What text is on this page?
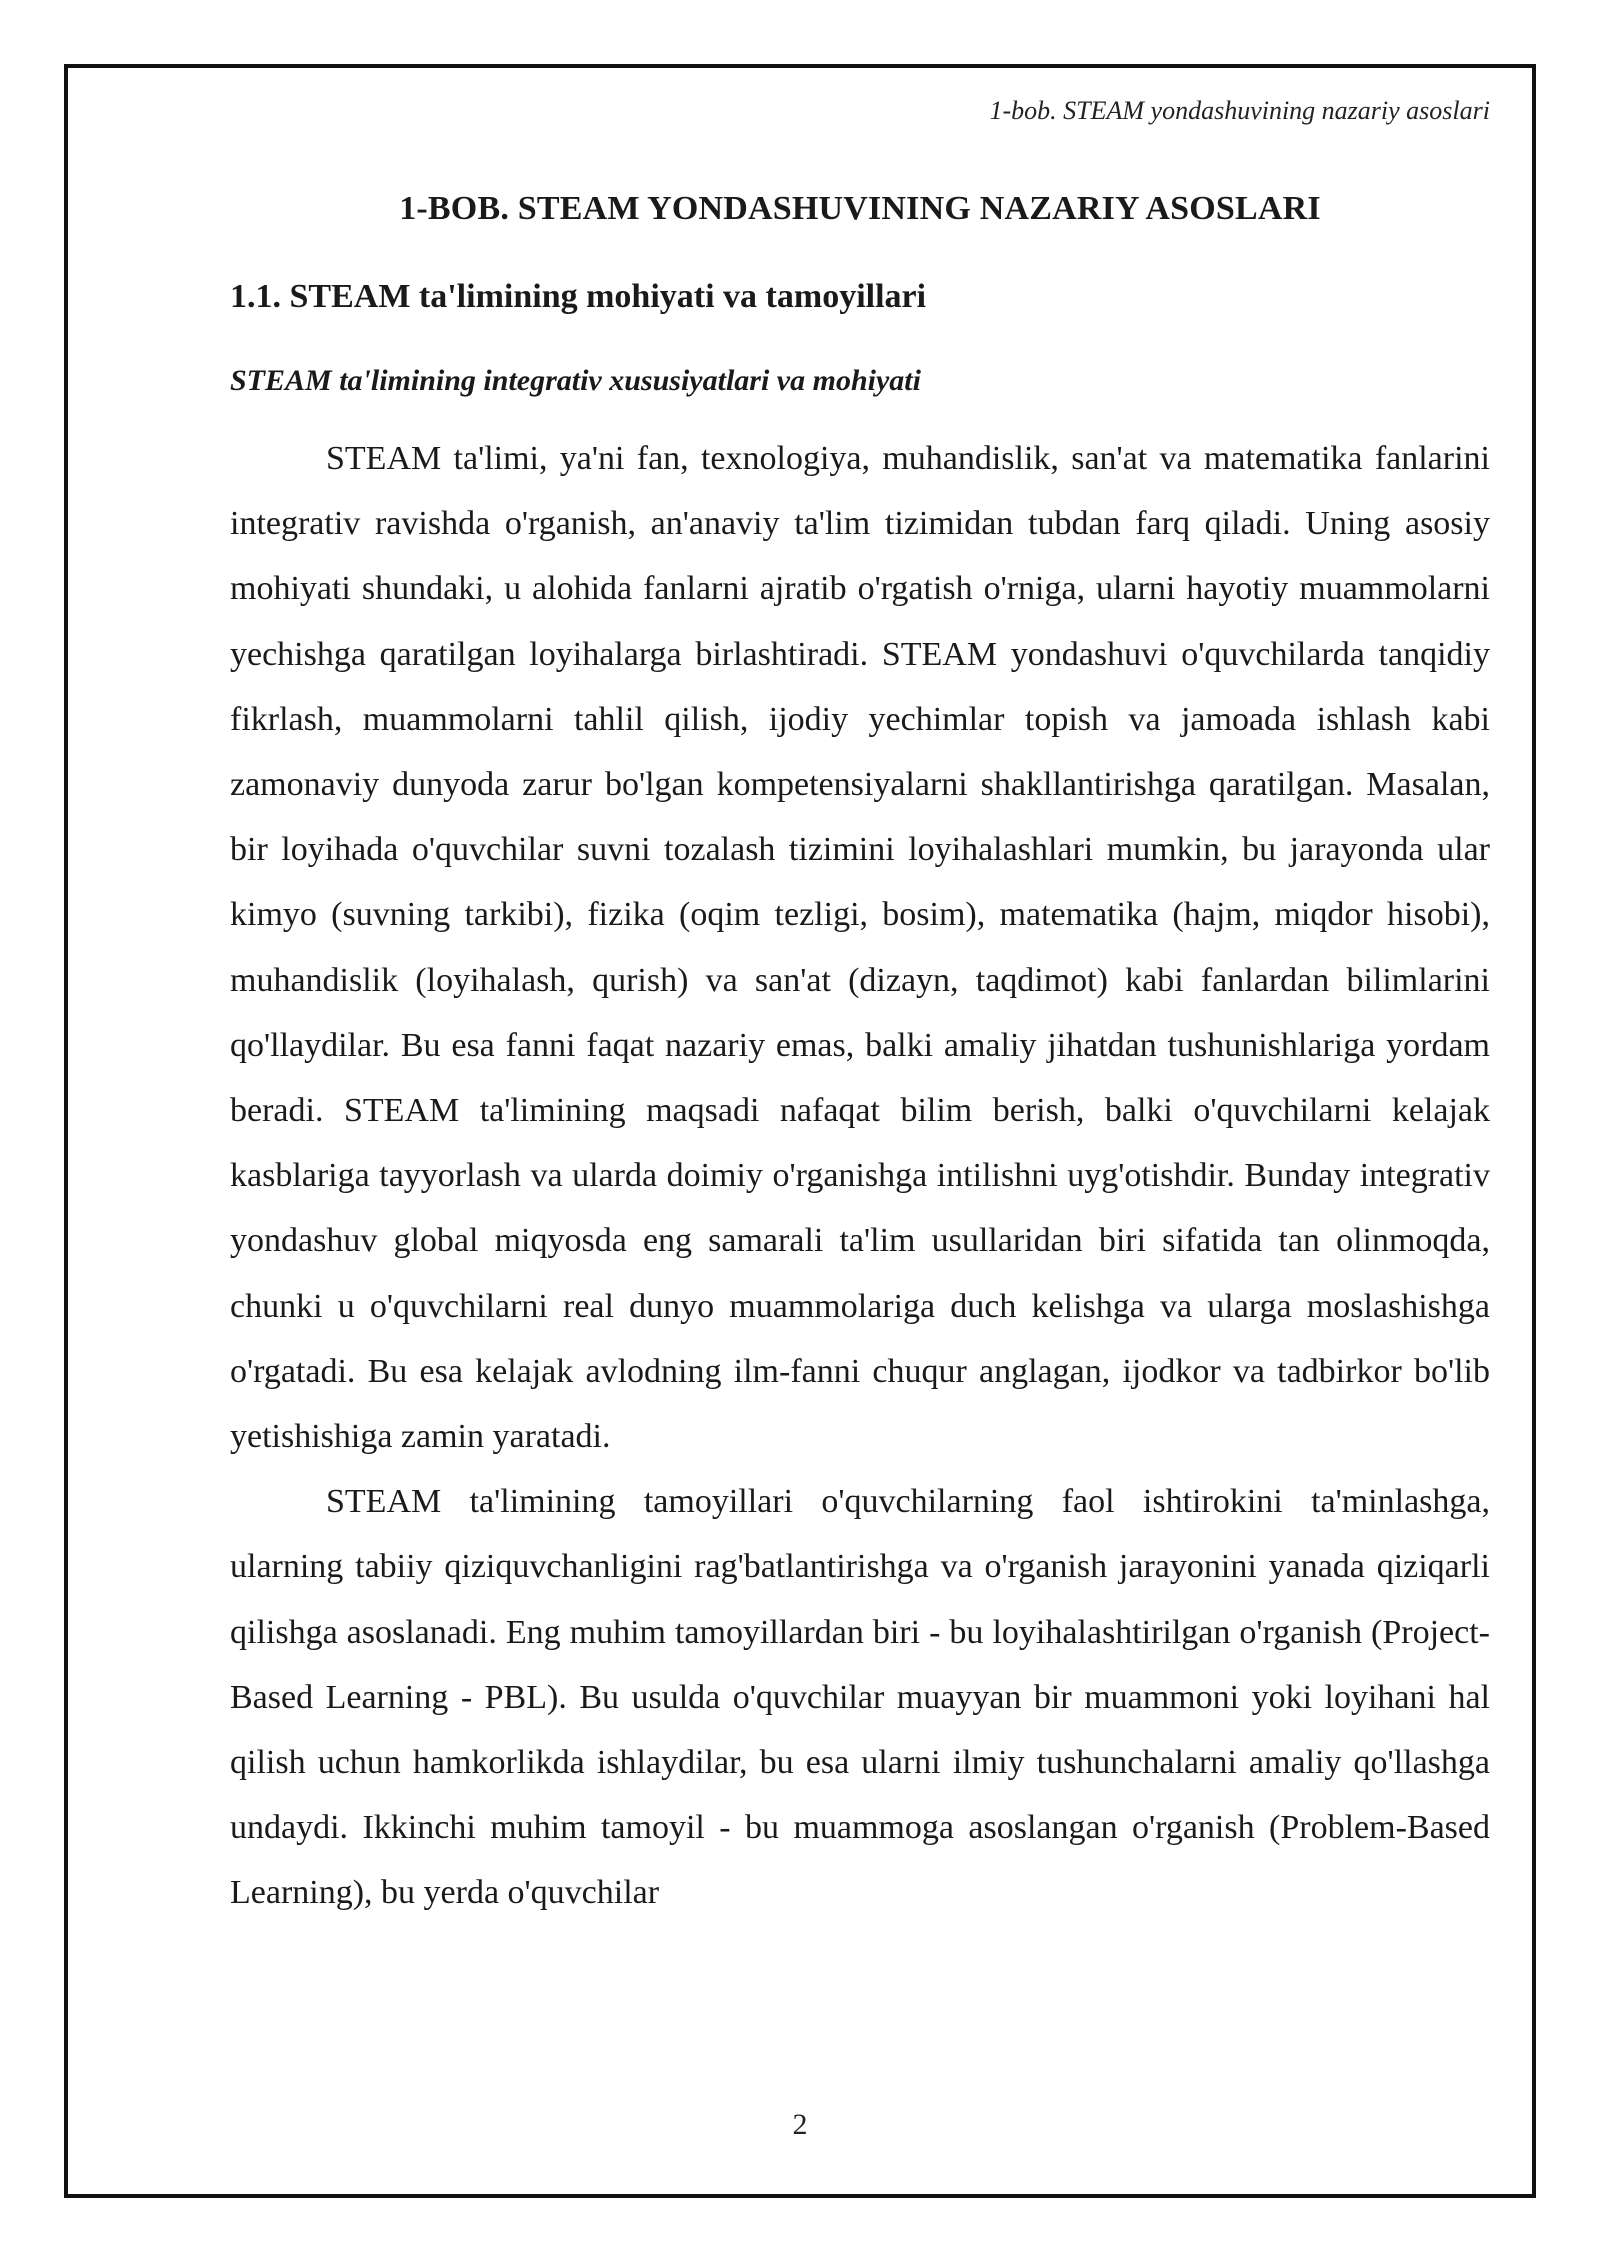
1-bob. STEAM yondashuvining nazariy asoslari
1-BOB. STEAM YONDASHUVINING NAZARIY ASOSLARI
1.1. STEAM ta'limining mohiyati va tamoyillari
STEAM ta'limining integrativ xususiyatlari va mohiyati

STEAM ta'limi, ya'ni fan, texnologiya, muhandislik, san'at va matematika fanlarini integrativ ravishda o'rganish, an'anaviy ta'lim tizimidan tubdan farq qiladi. Uning asosiy mohiyati shundaki, u alohida fanlarni ajratib o'rgatish o'rniga, ularni hayotiy muammolarni yechishga qaratilgan loyihalarga birlashtiradi. STEAM yondashuvi o'quvchilarda tanqidiy fikrlash, muammolarni tahlil qilish, ijodiy yechimlar topish va jamoada ishlash kabi zamonaviy dunyoda zarur bo'lgan kompetensiyalarni shakllantirishga qaratilgan. Masalan, bir loyihada o'quvchilar suvni tozalash tizimini loyihalashlari mumkin, bu jarayonda ular kimyo (suvning tarkibi), fizika (oqim tezligi, bosim), matematika (hajm, miqdor hisobi), muhandislik (loyihalash, qurish) va san'at (dizayn, taqdimot) kabi fanlardan bilimlarini qo'llaydilar. Bu esa fanni faqat nazariy emas, balki amaliy jihatdan tushunishlariga yordam beradi. STEAM ta'limining maqsadi nafaqat bilim berish, balki o'quvchilarni kelajak kasblariga tayyorlash va ularda doimiy o'rganishga intilishni uyg'otishdir. Bunday integrativ yondashuv global miqyosda eng samarali ta'lim usullaridan biri sifatida tan olinmoqda, chunki u o'quvchilarni real dunyo muammolariga duch kelishga va ularga moslashishga o'rgatadi. Bu esa kelajak avlodning ilm-fanni chuqur anglagan, ijodkor va tadbirkor bo'lib yetishishiga zamin yaratadi.

STEAM ta'limining tamoyillari o'quvchilarning faol ishtirokini ta'minlashga, ularning tabiiy qiziquvchanligini rag'batlantirishga va o'rganish jarayonini yanada qiziqarli qilishga asoslanadi. Eng muhim tamoyillardan biri - bu loyihalashtirilgan o'rganish (Project-Based Learning - PBL). Bu usulda o'quvchilar muayyan bir muammoni yoki loyihani hal qilish uchun hamkorlikda ishlaydilar, bu esa ularni ilmiy tushunchalarni amaliy qo'llashga undaydi. Ikkinchi muhim tamoyil - bu muammoga asoslangan o'rganish (Problem-Based Learning), bu yerda o'quvchilar

2
